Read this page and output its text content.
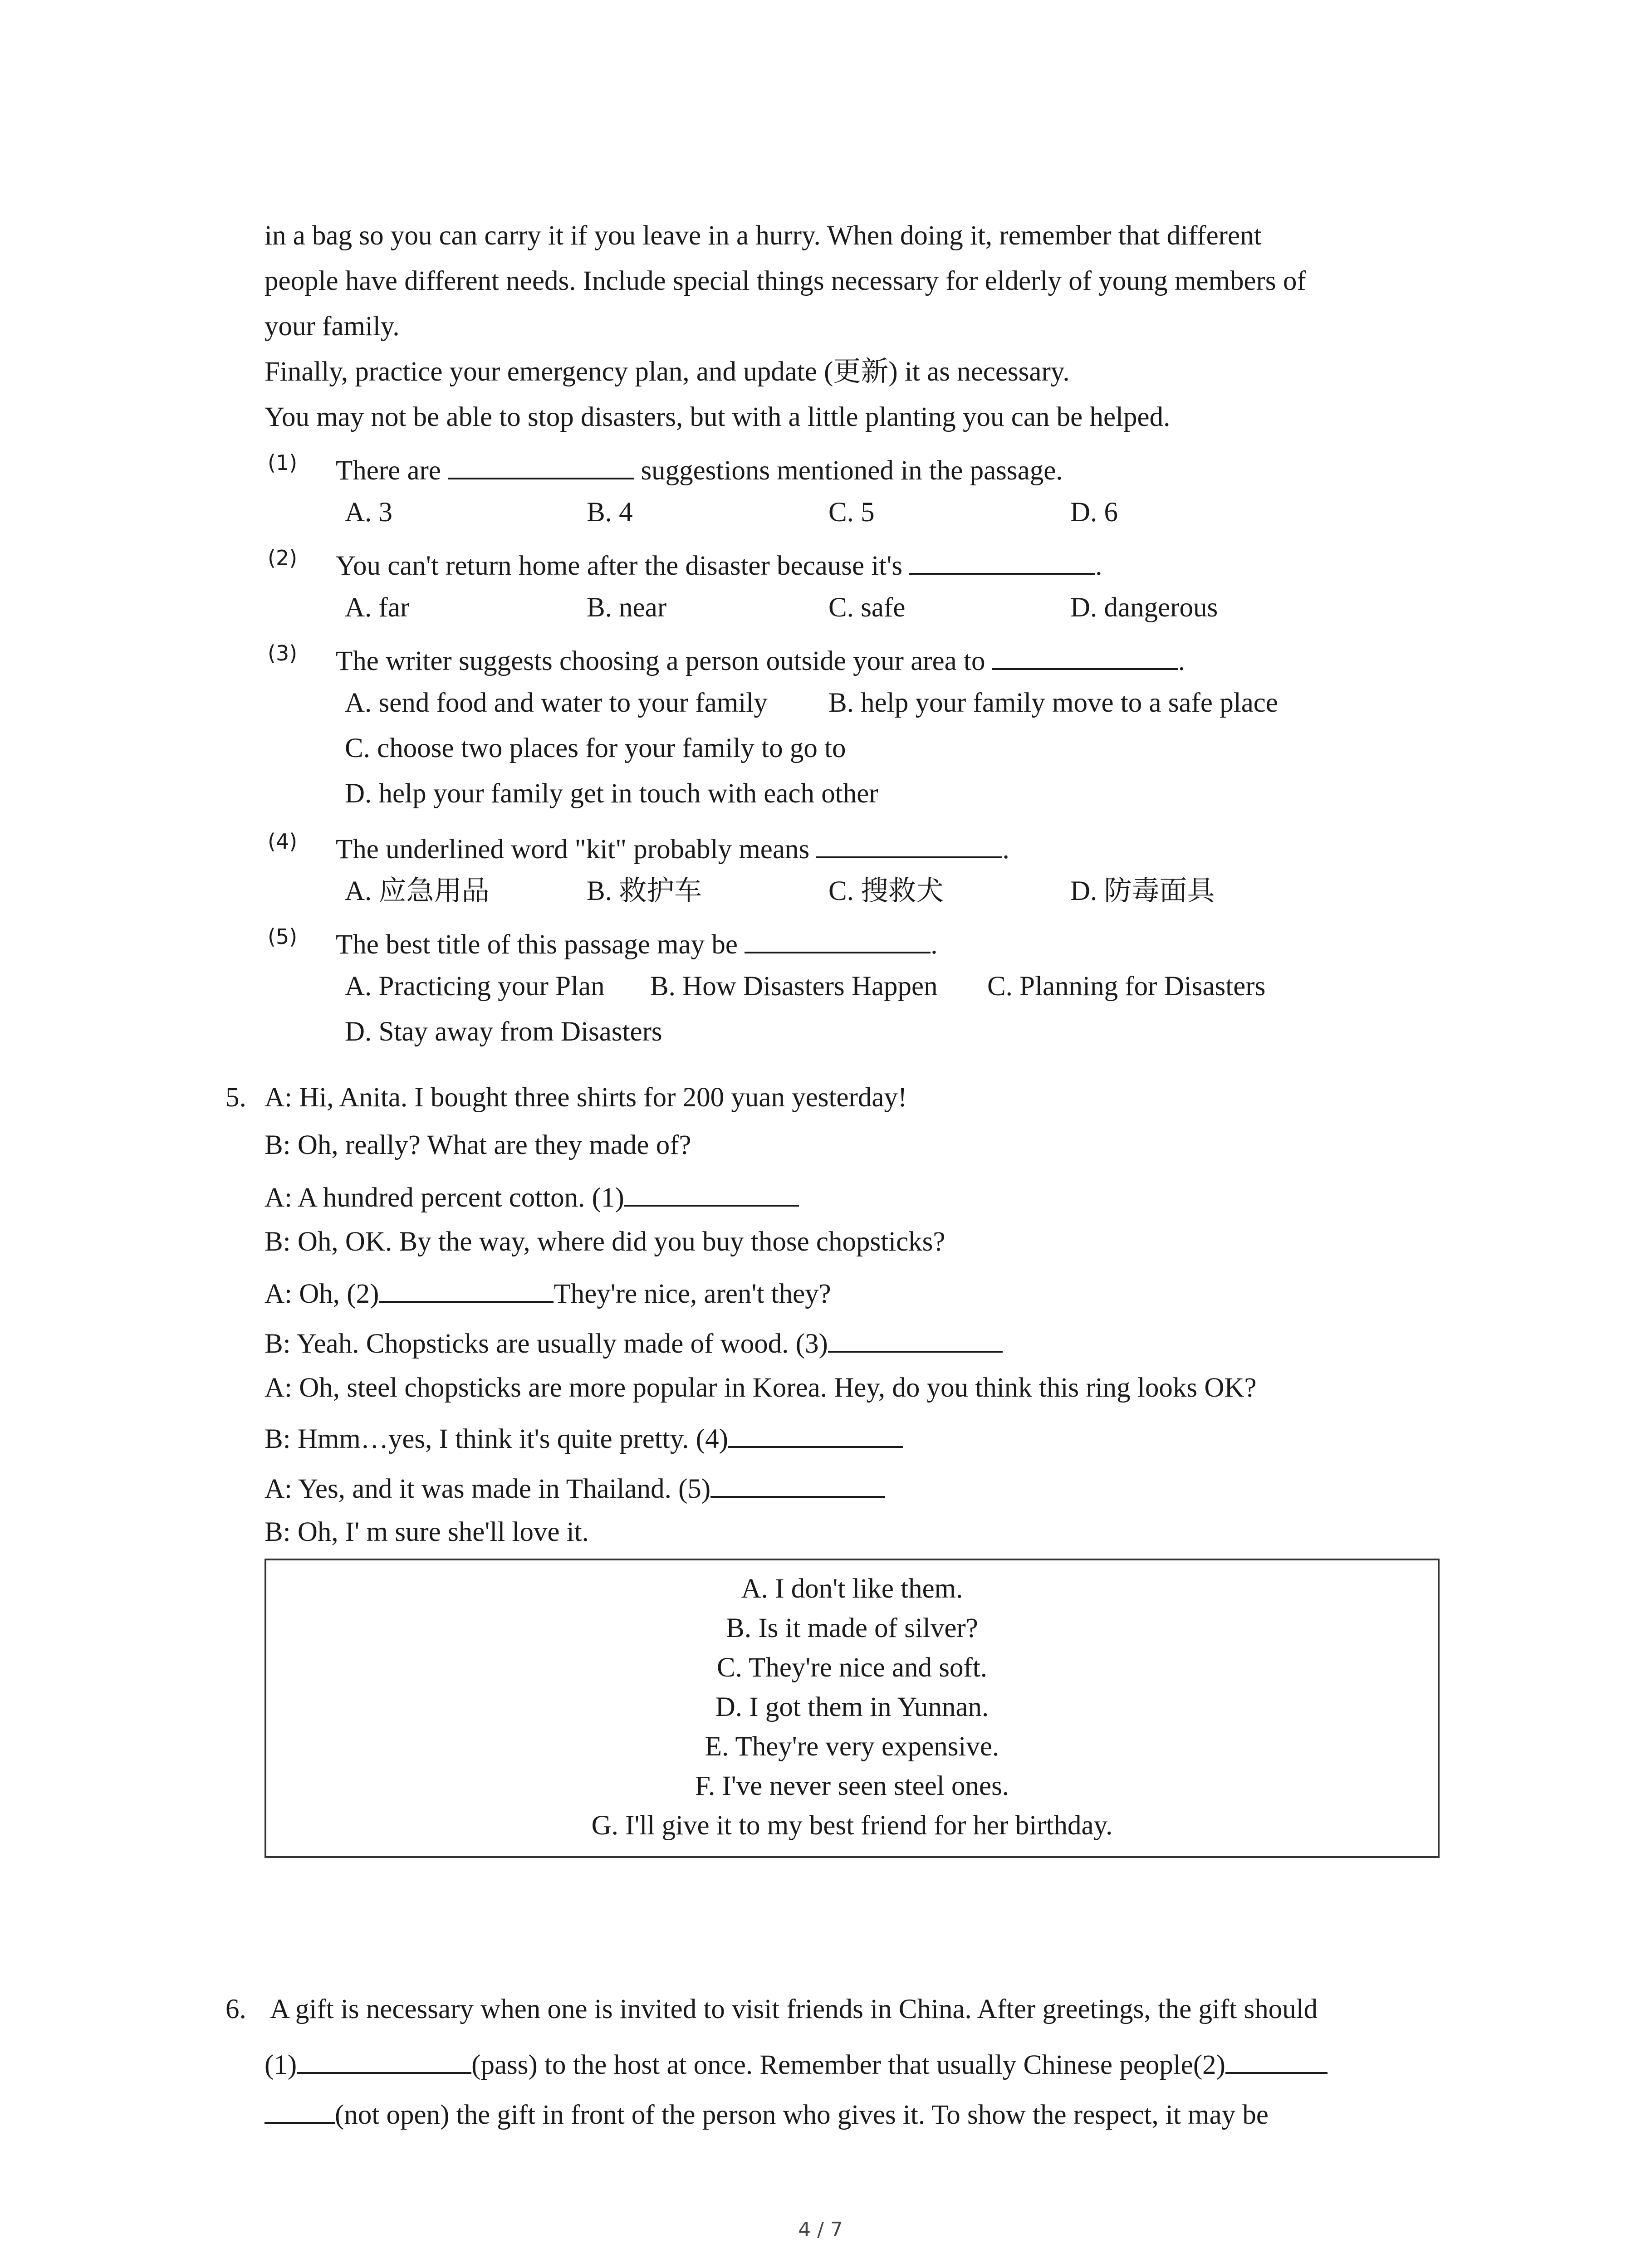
in a bag so you can carry it if you leave in a hurry. When doing it, remember that different
people have different needs. Include special things necessary for elderly of young members of
your family.
Finally, practice your emergency plan, and update (更新) it as necessary.
You may not be able to stop disasters, but with a little planting you can be helped.
(1) There are	suggestions mentioned in the passage.
A. 3	B. 4	C. 5	D. 6
(2) You can't return home after the disaster because it's	.
A. far	B. near	C. safe	D. dangerous
(3) The writer suggests choosing a person outside your area to	.
A. send food and water to your family B. help your family move to a safe place
C. choose two places for your family to go to
D. help your family get in touch with each other
(4) The underlined word "kit" probably means	.
A. 应急用品	B. 救护车	C. 搜救犬	D. 防毒面具
(5) The best title of this passage may be	.
A. Practicing your Plan B. How Disasters Happen C. Planning for Disasters
D. Stay away from Disasters
5. A: Hi, Anita. I bought three shirts for 200 yuan yesterday!
B: Oh, really? What are they made of?
A: A hundred percent cotton. (1)
B: Oh, OK. By the way, where did you buy those chopsticks?
A: Oh, (2)	They're nice, aren't they?
B: Yeah. Chopsticks are usually made of wood. (3)
A: Oh, steel chopsticks are more popular in Korea. Hey, do you think this ring looks OK?
B: Hmm…yes, I think it's quite pretty. (4)
A: Yes, and it was made in Thailand. (5)
B: Oh, I' m sure she'll love it.
A. I don't like them.
B. Is it made of silver?
C. They're nice and soft.
D. I got them in Yunnan.
E. They're very expensive.
F. I've never seen steel ones.
G. I'll give it to my best friend for her birthday.
6. A gift is necessary when one is invited to visit friends in China. After greetings, the gift should
(1)	(pass) to the host at once. Remember that usually Chinese people(2)
(not open) the gift in front of the person who gives it. To show the respect, it may be
4 / 7
